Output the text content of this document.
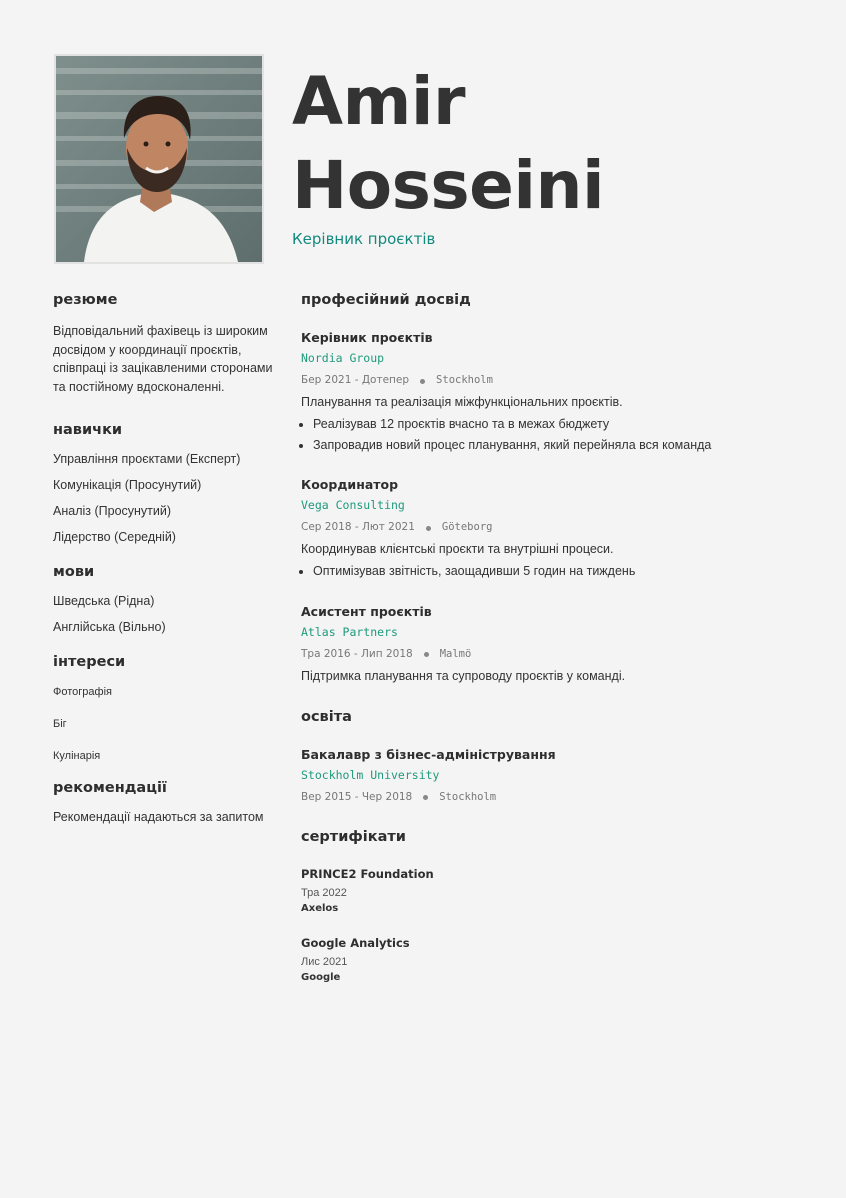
Amir
Hosseini
Керівник проєктів
резюме
Відповідальний фахівець із широким досвідом у координації проєктів, співпраці із зацікавленими сторонами та постійному вдосконаленні.
навички
Управління проєктами (Експерт)
Комунікація (Просунутий)
Аналіз (Просунутий)
Лідерство (Середній)
мови
Шведська (Рідна)
Англійська (Вільно)
інтереси
Фотографія
Біг
Кулінарія
рекомендації
Рекомендації надаються за запитом
професійний досвід
Керівник проєктів
Nordia Group
Бер 2021 - Дотепер	Stockholm
Планування та реалізація міжфункціональних проєктів.
• Реалізував 12 проєктів вчасно та в межах бюджету
• Запровадив новий процес планування, який перейняла вся команда
Координатор
Vega Consulting
Сер 2018 - Лют 2021	Göteborg
Координував клієнтські проєкти та внутрішні процеси.
• Оптимізував звітність, заощадивши 5 годин на тиждень
Асистент проєктів
Atlas Partners
Тра 2016 - Лип 2018	Malmö
Підтримка планування та супроводу проєктів у команді.
освіта
Бакалавр з бізнес-адміністрування
Stockholm University
Вер 2015 - Чер 2018	Stockholm
сертифікати
PRINCE2 Foundation
Тра 2022
Axelos
Google Analytics
Лис 2021
Google
